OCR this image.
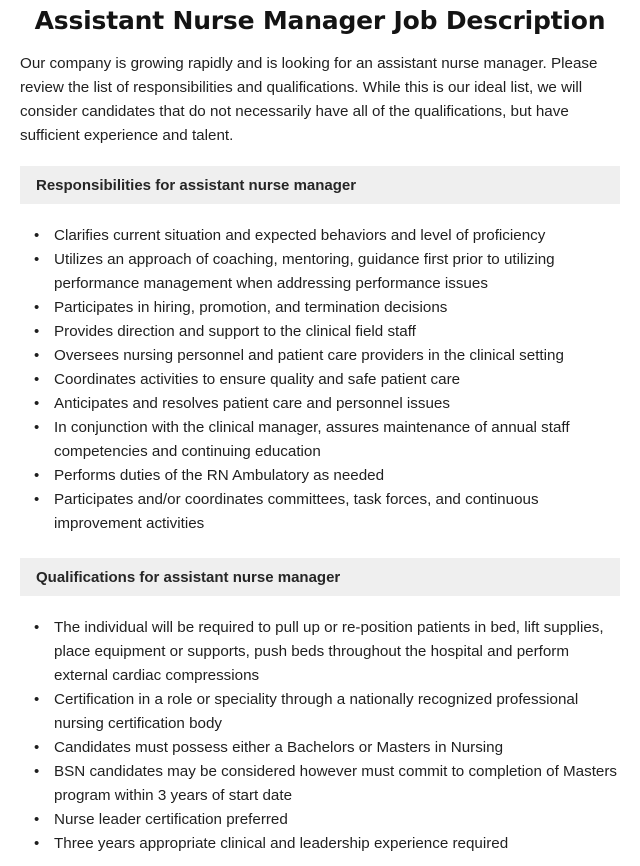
Assistant Nurse Manager Job Description

Our company is growing rapidly and is looking for an assistant nurse manager. Please review the list of responsibilities and qualifications. While this is our ideal list, we will consider candidates that do not necessarily have all of the qualifications, but have sufficient experience and talent.

Responsibilities for assistant nurse manager
• Clarifies current situation and expected behaviors and level of proficiency
• Utilizes an approach of coaching, mentoring, guidance first prior to utilizing performance management when addressing performance issues
• Participates in hiring, promotion, and termination decisions
• Provides direction and support to the clinical field staff
• Oversees nursing personnel and patient care providers in the clinical setting
• Coordinates activities to ensure quality and safe patient care
• Anticipates and resolves patient care and personnel issues
• In conjunction with the clinical manager, assures maintenance of annual staff competencies and continuing education
• Performs duties of the RN Ambulatory as needed
• Participates and/or coordinates committees, task forces, and continuous improvement activities
Qualifications for assistant nurse manager
• The individual will be required to pull up or re-position patients in bed, lift supplies, place equipment or supports, push beds throughout the hospital and perform external cardiac compressions
• Certification in a role or speciality through a nationally recognized professional nursing certification body
• Candidates must possess either a Bachelors or Masters in Nursing
• BSN candidates may be considered however must commit to completion of Masters program within 3 years of start date
• Nurse leader certification preferred
• Three years appropriate clinical and leadership experience required
